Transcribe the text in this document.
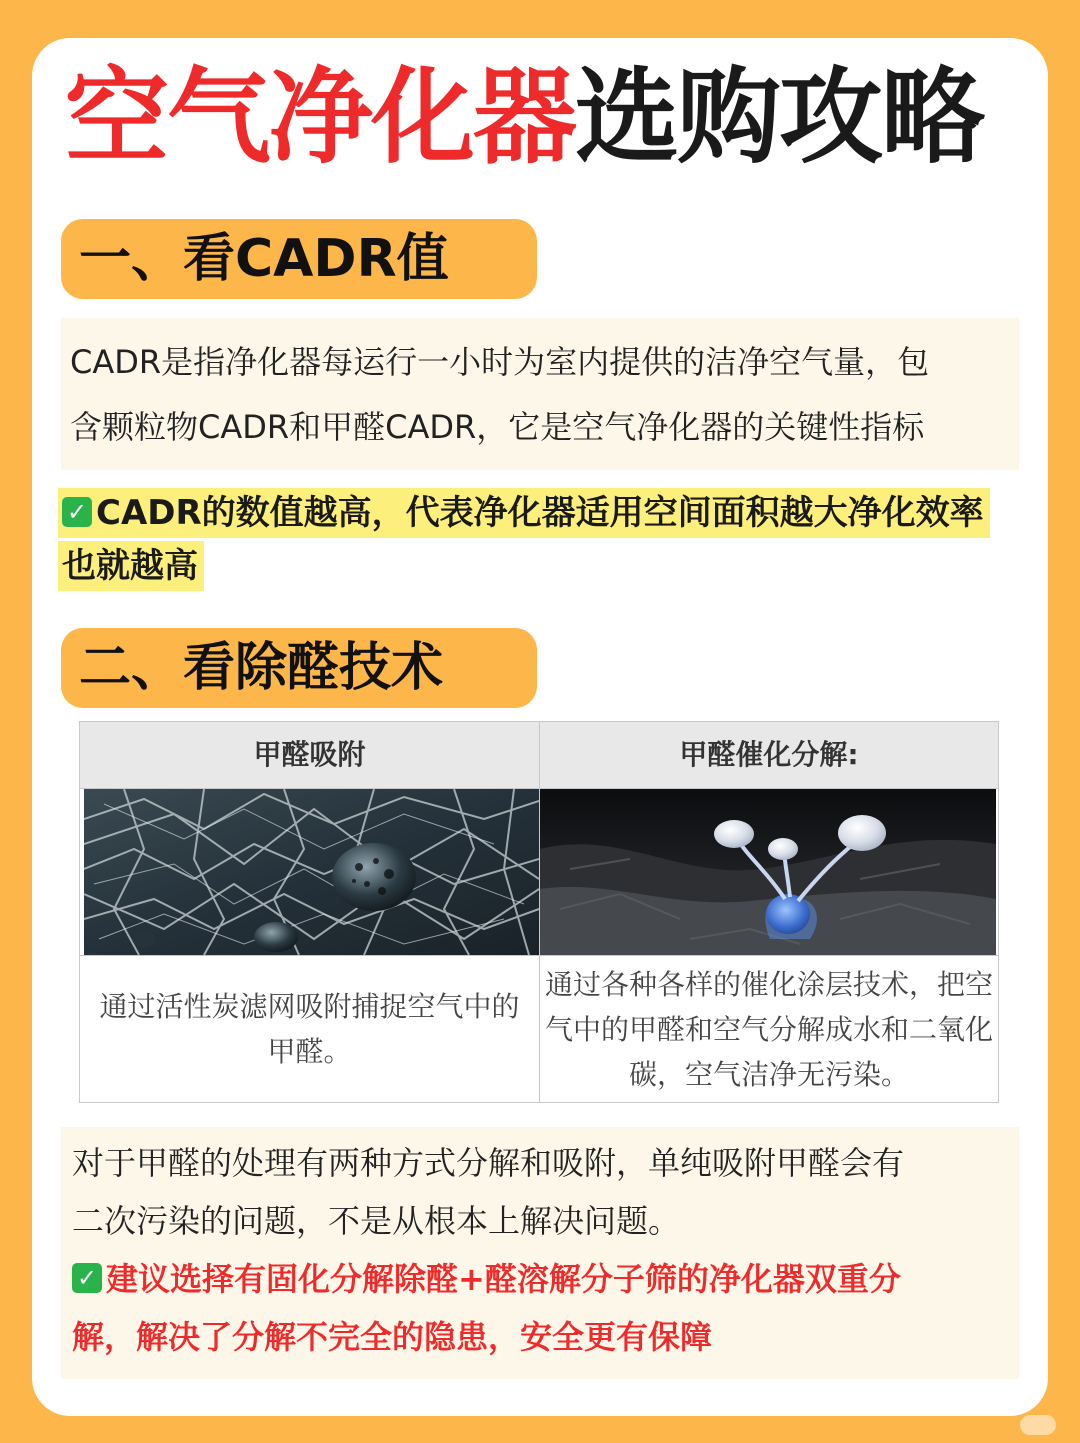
空气净化器选购攻略
一、看CADR值
CADR是指净化器每运行一小时为室内提供的洁净空气量，包
含颗粒物CADR和甲醛CADR，它是空气净化器的关键性指标
✓ CADR的数值越高，代表净化器适用空间面积越大净化效率
也就越高
二、看除醛技术
甲醛吸附	甲醛催化分解:
通过活性炭滤网吸附捕捉空气中的甲醛。
通过各种各样的催化涂层技术，把空气中的甲醛和空气分解成水和二氧化碳，空气洁净无污染。
对于甲醛的处理有两种方式分解和吸附，单纯吸附甲醛会有
二次污染的问题，不是从根本上解决问题。
✓ 建议选择有固化分解除醛+醛溶解分子筛的净化器双重分
解，解决了分解不完全的隐患，安全更有保障
